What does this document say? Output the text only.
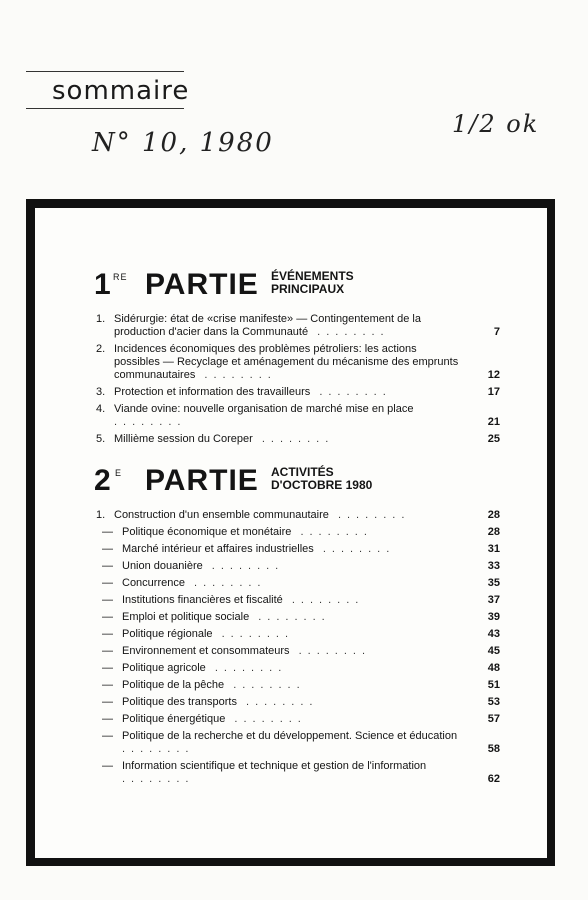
sommaire
N° 10, 1980
1/2 ok
1 RE PARTIE ÉVÉNEMENTS
PRINCIPAUX
1. Sidérurgie: état de «crise manifeste» — Contingentement de la production d'acier dans la Communauté ........	7
2. Incidences économiques des problèmes pétroliers: les actions possibles — Recyclage et aménagement du mécanisme des emprunts communautaires ........	12
3. Protection et information des travailleurs ........	17
4. Viande ovine: nouvelle organisation de marché mise en place ........	21
5. Millième session du Coreper ........	25
2 E PARTIE ACTIVITÉS
D'OCTOBRE 1980
1. Construction d'un ensemble communautaire ........	28
— Politique économique et monétaire ........	28
— Marché intérieur et affaires industrielles ........	31
— Union douanière ........	33
— Concurrence ........	35
— Institutions financières et fiscalité ........	37
— Emploi et politique sociale ........	39
— Politique régionale ........	43
— Environnement et consommateurs ........	45
— Politique agricole ........	48
— Politique de la pêche ........	51
— Politique des transports ........	53
— Politique énergétique ........	57
— Politique de la recherche et du développement. Science et éducation ........	58
— Information scientifique et technique et gestion de l'information ........	62
